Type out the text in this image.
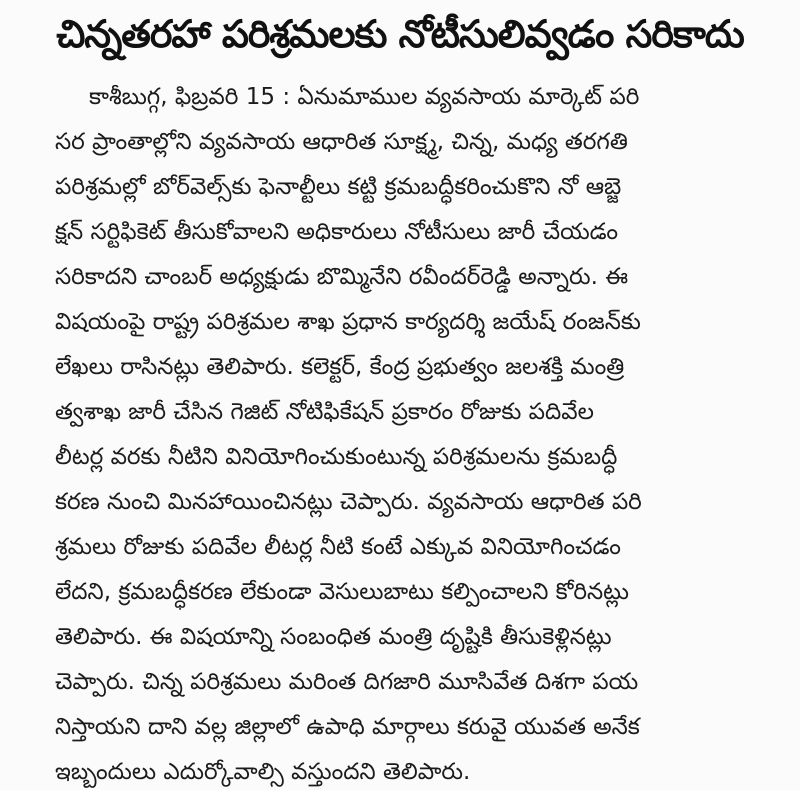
చిన్నతరహా పరిశ్రమలకు నోటీసులివ్వడం సరికాదు
కాశీబుగ్గ, ఫిబ్రవరి 15 : ఏనుమాముల వ్యవసాయ మార్కెట్ పరి
సర ప్రాంతాల్లోని వ్యవసాయ ఆధారిత సూక్ష్మ, చిన్న, మధ్య తరగతి
పరిశ్రమల్లో బోర్‌వెల్స్‌కు ఫెనాల్టీలు కట్టి క్రమబద్ధీకరించుకొని నో ఆబ్జె
క్షన్ సర్టిఫికెట్ తీసుకోవాలని అధికారులు నోటీసులు జారీ చేయడం
సరికాదని చాంబర్ అధ్యక్షుడు బొమ్మినేని రవీందర్‌రెడ్డి అన్నారు. ఈ
విషయంపై రాష్ట్ర పరిశ్రమల శాఖ ప్రధాన కార్యదర్శి జయేష్ రంజన్‌కు
లేఖలు రాసినట్లు తెలిపారు. కలెక్టర్, కేంద్ర ప్రభుత్వం జలశక్తి మంత్రి
త్వశాఖ జారీ చేసిన గెజిట్ నోటిఫికేషన్ ప్రకారం రోజుకు పదివేల
లీటర్ల వరకు నీటిని వినియోగించుకుంటున్న పరిశ్రమలను క్రమబద్ధీ
కరణ నుంచి మినహాయించినట్లు చెప్పారు. వ్యవసాయ ఆధారిత పరి
శ్రమలు రోజుకు పదివేల లీటర్ల నీటి కంటే ఎక్కువ వినియోగించడం
లేదని, క్రమబద్ధీకరణ లేకుండా వెసులుబాటు కల్పించాలని కోరినట్లు
తెలిపారు. ఈ విషయాన్ని సంబంధిత మంత్రి దృష్టికి తీసుకెళ్లినట్లు
చెప్పారు. చిన్న పరిశ్రమలు మరింత దిగజారి మూసివేత దిశగా పయ
నిస్తాయని దాని వల్ల జిల్లాలో ఉపాధి మార్గాలు కరువై యువత అనేక
ఇబ్బందులు ఎదుర్కోవాల్సి వస్తుందని తెలిపారు.
